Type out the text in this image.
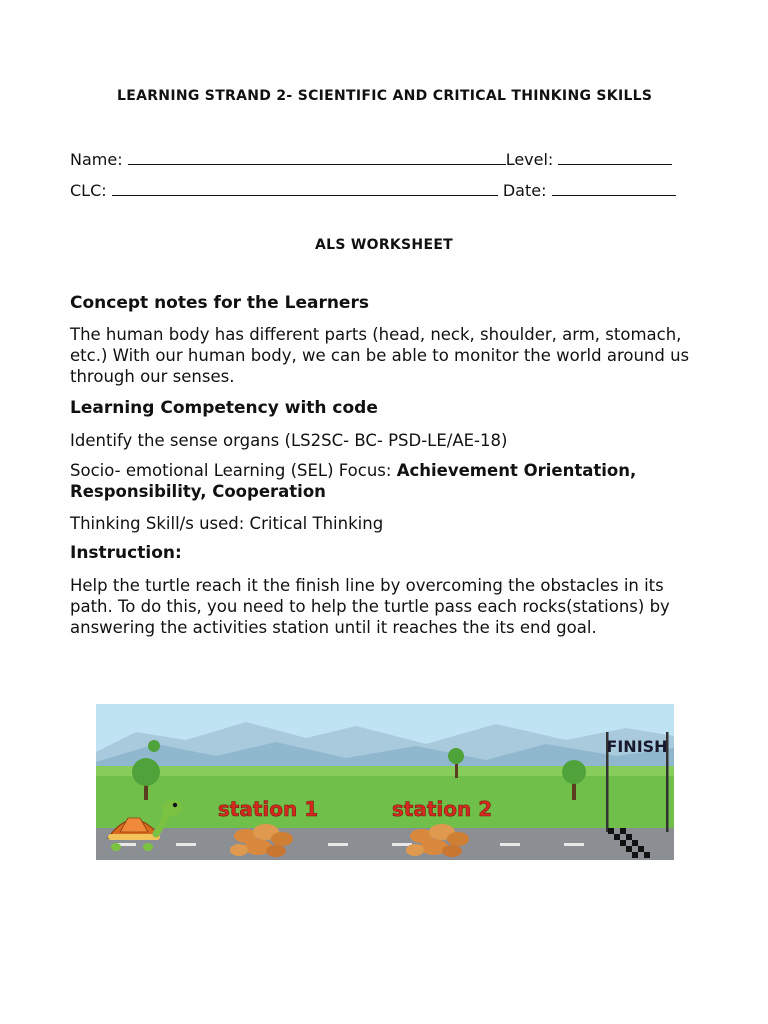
LEARNING STRAND 2- SCIENTIFIC AND CRITICAL THINKING SKILLS
Name:	Level:
CLC:	Date:
ALS WORKSHEET
Concept notes for the Learners
The human body has different parts (head, neck, shoulder, arm, stomach, etc.) With our human body, we can be able to monitor the world around us through our senses.
Learning Competency with code
Identify the sense organs (LS2SC- BC- PSD-LE/AE-18)
Socio- emotional Learning (SEL) Focus: Achievement Orientation, Responsibility, Cooperation
Thinking Skill/s used: Critical Thinking
Instruction:
Help the turtle reach it the finish line by overcoming the obstacles in its path. To do this, you need to help the turtle pass each rocks(stations) by answering the activities station until it reaches the its end goal.
FINISH
station 1	station 2
